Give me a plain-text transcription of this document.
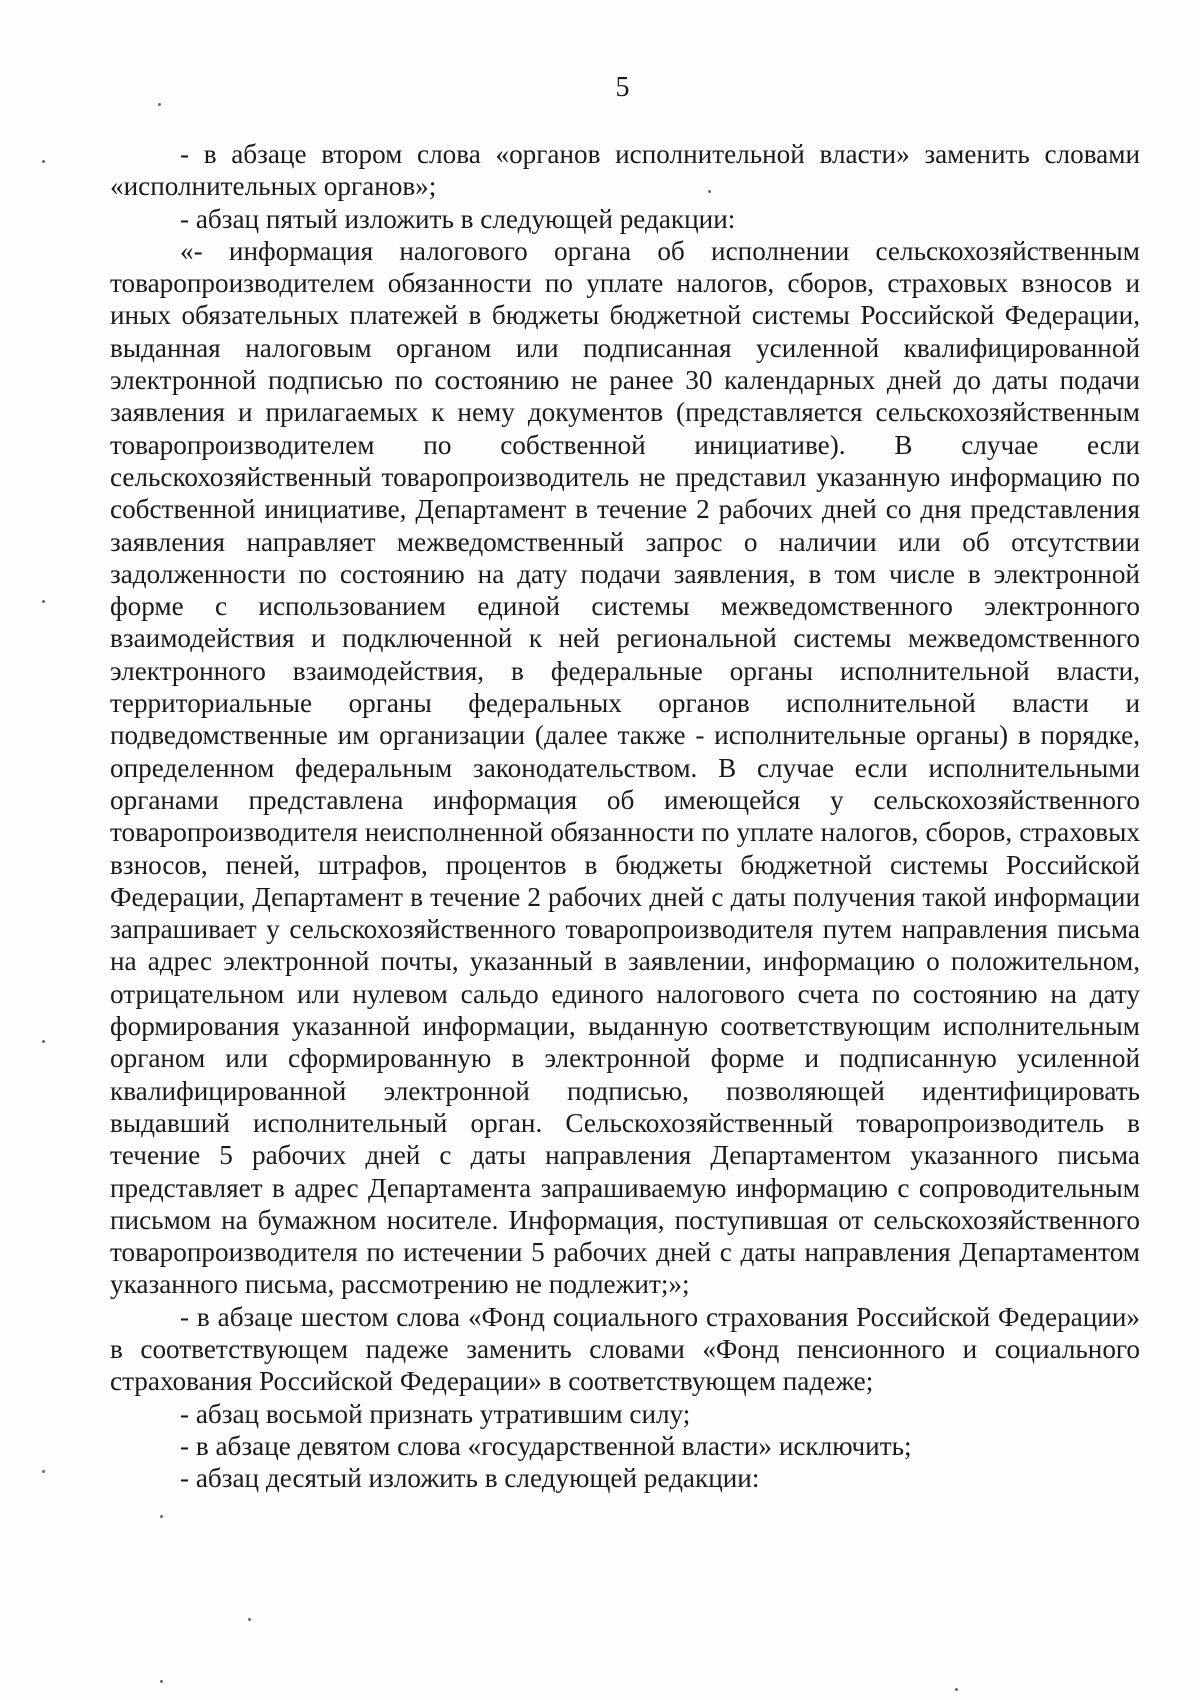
5

- в абзаце втором слова «органов исполнительной власти» заменить словами «исполнительных органов»;

- абзац пятый изложить в следующей редакции:

«- информация налогового органа об исполнении сельскохозяйственным товаропроизводителем обязанности по уплате налогов, сборов, страховых взносов и иных обязательных платежей в бюджеты бюджетной системы Российской Федерации, выданная налоговым органом или подписанная усиленной квалифицированной электронной подписью по состоянию не ранее 30 календарных дней до даты подачи заявления и прилагаемых к нему документов (представляется сельскохозяйственным товаропроизводителем по собственной инициативе). В случае если сельскохозяйственный товаропроизводитель не представил указанную информацию по собственной инициативе, Департамент в течение 2 рабочих дней со дня представления заявления направляет межведомственный запрос о наличии или об отсутствии задолженности по состоянию на дату подачи заявления, в том числе в электронной форме с использованием единой системы межведомственного электронного взаимодействия и подключенной к ней региональной системы межведомственного электронного взаимодействия, в федеральные органы исполнительной власти, территориальные органы федеральных органов исполнительной власти и подведомственные им организации (далее также - исполнительные органы) в порядке, определенном федеральным законодательством. В случае если исполнительными органами представлена информация об имеющейся у сельскохозяйственного товаропроизводителя неисполненной обязанности по уплате налогов, сборов, страховых взносов, пеней, штрафов, процентов в бюджеты бюджетной системы Российской Федерации, Департамент в течение 2 рабочих дней с даты получения такой информации запрашивает у сельскохозяйственного товаропроизводителя путем направления письма на адрес электронной почты, указанный в заявлении, информацию о положительном, отрицательном или нулевом сальдо единого налогового счета по состоянию на дату формирования указанной информации, выданную соответствующим исполнительным органом или сформированную в электронной форме и подписанную усиленной квалифицированной электронной подписью, позволяющей идентифицировать выдавший исполнительный орган. Сельскохозяйственный товаропроизводитель в течение 5 рабочих дней с даты направления Департаментом указанного письма представляет в адрес Департамента запрашиваемую информацию с сопроводительным письмом на бумажном носителе. Информация, поступившая от сельскохозяйственного товаропроизводителя по истечении 5 рабочих дней с даты направления Департаментом указанного письма, рассмотрению не подлежит;»;

- в абзаце шестом слова «Фонд социального страхования Российской Федерации» в соответствующем падеже заменить словами «Фонд пенсионного и социального страхования Российской Федерации» в соответствующем падеже;

- абзац восьмой признать утратившим силу;

- в абзаце девятом слова «государственной власти» исключить;

- абзац десятый изложить в следующей редакции:
